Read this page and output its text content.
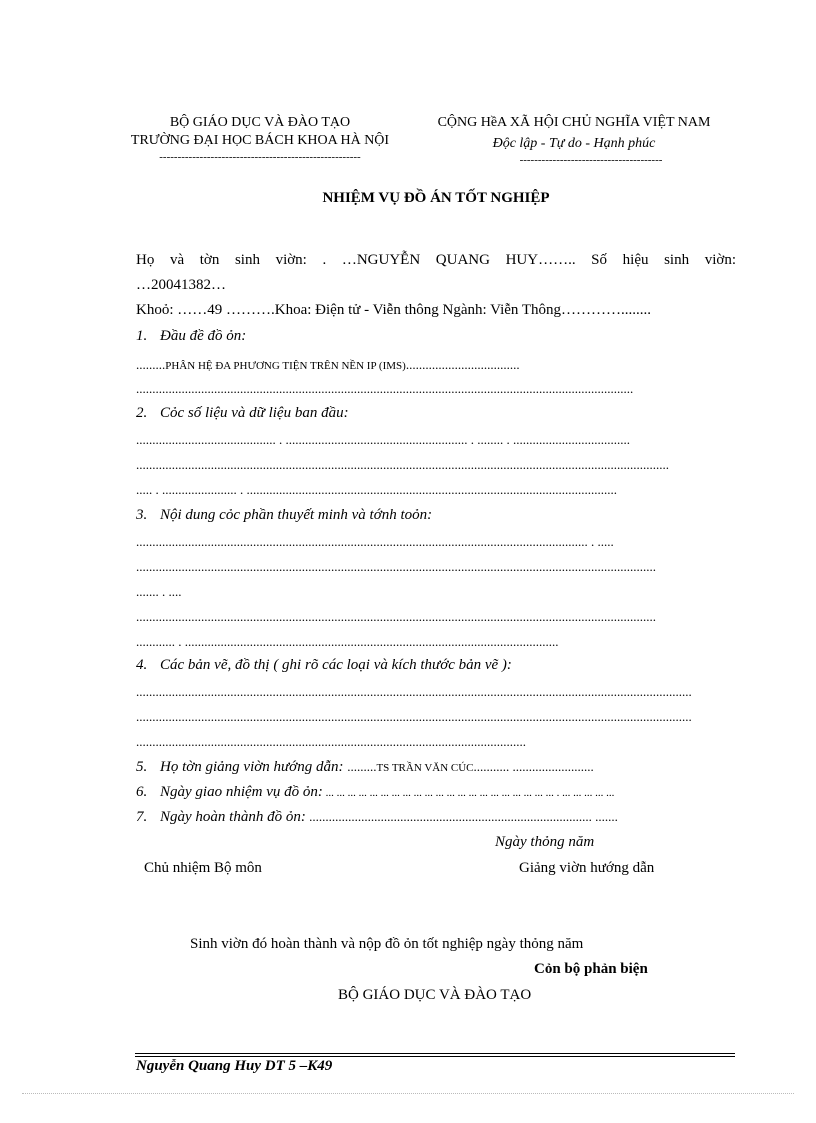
BỘ GIÁO DỤC VÀ ĐÀO TẠO
TRƯỜNG ĐẠI HỌC BÁCH KHOA HÀ NỘI
-------------------------------------------------------
CỘNG HềA XÃ HỘI CHỦ NGHĨA VIỆT NAM
Độc lập - Tự do - Hạnh phúc
---------------------------------------
NHIỆM VỤ ĐỒ ÁN TỐT NGHIỆP
Họ và tờn sinh viờn: . …NGUYỄN QUANG HUY…….. Số hiệu sinh viờn:
…20041382…
Khoỏ: ……49 ……….Khoa: Điện tử - Viễn thông Ngành: Viễn Thông…………........
1. Đầu đề đồ ỏn:
.........PHÂN HỆ ĐA PHƯƠNG TIỆN TRÊN NỀN IP (IMS)...................................
.........................................................................................................................................................
2. Cỏc số liệu và dữ liệu ban đầu:
........................................... . ........................................................ . ........ . ....................................
....................................................................................................................................................................
..... . ....................... . ..................................................................................................................
3. Nội dung cỏc phần thuyết minh và tớnh toỏn:
........................................................................................................................................... . .....
................................................................................................................................................................
....... . ....
................................................................................................................................................................
............ . ...................................................................................................................
4. Các bản vẽ, đồ thị ( ghi rõ các loại và kích thước bản vẽ ):
...........................................................................................................................................................................
...........................................................................................................................................................................
........................................................................................................................
5. Họ tờn giảng viờn hướng dẫn: .........TS TRẦN VĂN CÚC........... .........................
6. Ngày giao nhiệm vụ đồ ỏn: ... ... ... ... ... ... ... ... ... ... ... ... ... ... ... ... ... ... ... ... ... . ... ... ... ... ...
7. Ngày hoàn thành đồ ỏn: ....................................................................................... .......
Ngày thỏng năm
Chủ nhiệm Bộ môn	Giảng viờn hướng dẫn
Sinh viờn đó hoàn thành và nộp đồ ỏn tốt nghiệp ngày thỏng năm
Cỏn bộ phản biện
BỘ GIÁO DỤC VÀ ĐÀO TẠO
Nguyễn Quang Huy DT 5 –K49
